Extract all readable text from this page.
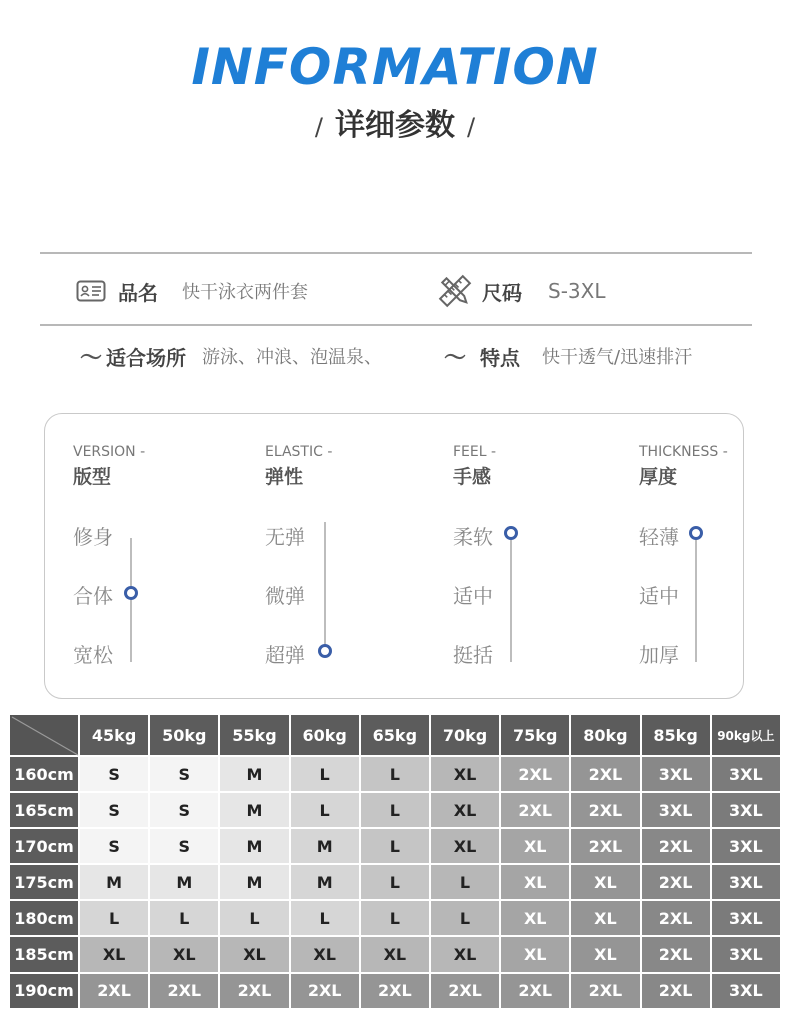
INFORMATION
/ 详细参数 /
品名 快干泳衣两件套	尺码 S-3XL
～ 适合场所 游泳、冲浪、泡温泉、	～ 特点 快干透气/迅速排汗
VERSION -
版型
修身
合体
宽松
ELASTIC -
弹性
无弹
微弹
超弹
FEEL -
手感
柔软
适中
挺括
THICKNESS -
厚度
轻薄
适中
加厚
	45kg	50kg	55kg	60kg	65kg	70kg	75kg	80kg	85kg	90kg以上
160cm	S	S	M	L	L	XL	2XL	2XL	3XL	3XL
165cm	S	S	M	L	L	XL	2XL	2XL	3XL	3XL
170cm	S	S	M	M	L	XL	XL	2XL	2XL	3XL
175cm	M	M	M	M	L	L	XL	XL	2XL	3XL
180cm	L	L	L	L	L	L	XL	XL	2XL	3XL
185cm	XL	XL	XL	XL	XL	XL	XL	XL	2XL	3XL
190cm	2XL	2XL	2XL	2XL	2XL	2XL	2XL	2XL	2XL	3XL
